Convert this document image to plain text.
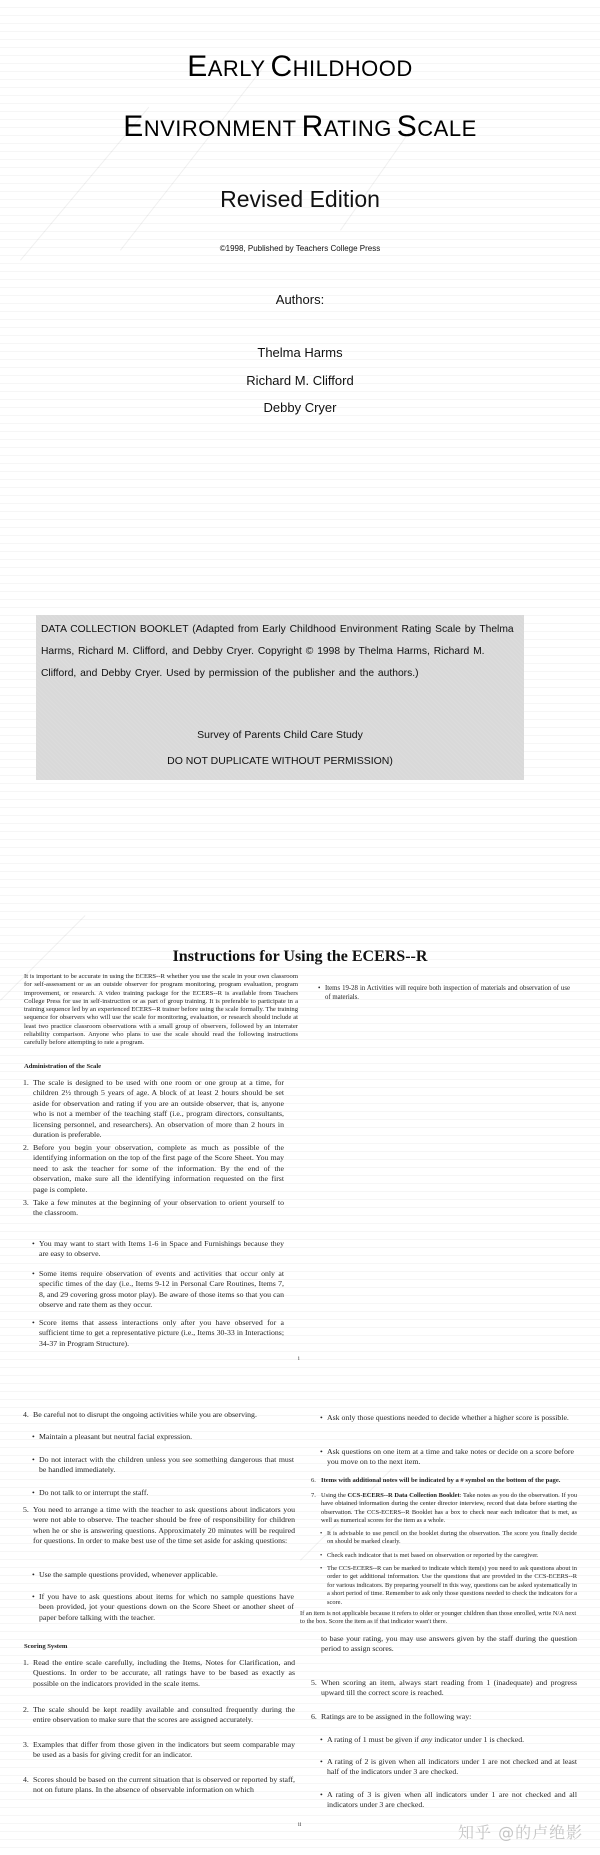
EARLY CHILDHOOD
ENVIRONMENT RATING SCALE
Revised Edition
©1998, Published by Teachers College Press
Authors:
Thelma Harms
Richard M. Clifford
Debby Cryer

DATA COLLECTION BOOKLET (Adapted from Early Childhood Environment Rating Scale by Thelma Harms, Richard M. Clifford, and Debby Cryer. Copyright © 1998 by Thelma Harms, Richard M. Clifford, and Debby Cryer. Used by permission of the publisher and the authors.)

Survey of Parents Child Care Study
DO NOT DUPLICATE WITHOUT PERMISSION)
Instructions for Using the ECERS--R
It is important to be accurate in using the ECERS--R whether you use the scale in your own classroom for self-assessment or as an outside observer for program monitoring, program evaluation, program improvement, or research. A video training package for the ECERS--R is available from Teachers College Press for use in self-instruction or as part of group training. It is preferable to participate in a training sequence led by an experienced ECERS--R trainer before using the scale formally. The training sequence for observers who will use the scale for monitoring, evaluation, or research should include at least two practice classroom observations with a small group of observers, followed by an interrater reliability comparison. Anyone who plans to use the scale should read the following instructions carefully before attempting to rate a program.

Administration of the Scale

1. The scale is designed to be used with one room or one group at a time, for children 2½ through 5 years of age. A block of at least 2 hours should be set aside for observation and rating if you are an outside observer, that is, anyone who is not a member of the teaching staff (i.e., program directors, consultants, licensing personnel, and researchers). An observation of more than 2 hours in duration is preferable.
2. Before you begin your observation, complete as much as possible of the identifying information on the top of the first page of the Score Sheet. You may need to ask the teacher for some of the information. By the end of the observation, make sure all the identifying information requested on the first page is complete.
3. Take a few minutes at the beginning of your observation to orient yourself to the classroom.
• You may want to start with Items 1-6 in Space and Furnishings because they are easy to observe.
• Some items require observation of events and activities that occur only at specific times of the day (i.e., Items 9-12 in Personal Care Routines, Items 7, 8, and 29 covering gross motor play). Be aware of those items so that you can observe and rate them as they occur.
• Score items that assess interactions only after you have observed for a sufficient time to get a representative picture (i.e., Items 30-33 in Interactions; 34-37 in Program Structure).
• Items 19-28 in Activities will require both inspection of materials and observation of use of materials.
i
4. Be careful not to disrupt the ongoing activities while you are observing.
• Maintain a pleasant but neutral facial expression.
• Do not interact with the children unless you see something dangerous that must be handled immediately.
• Do not talk to or interrupt the staff.
5. You need to arrange a time with the teacher to ask questions about indicators you were not able to observe. The teacher should be free of responsibility for children when he or she is answering questions. Approximately 20 minutes will be required for questions. In order to make best use of the time set aside for asking questions:
• Use the sample questions provided, whenever applicable.
• If you have to ask questions about items for which no sample questions have been provided, jot your questions down on the Score Sheet or another sheet of paper before talking with the teacher.

Scoring System

1. Read the entire scale carefully, including the Items, Notes for Clarification, and Questions. In order to be accurate, all ratings have to be based as exactly as possible on the indicators provided in the scale items.
2. The scale should be kept readily available and consulted frequently during the entire observation to make sure that the scores are assigned accurately.
3. Examples that differ from those given in the indicators but seem comparable may be used as a basis for giving credit for an indicator.
4. Scores should be based on the current situation that is observed or reported by staff, not on future plans. In the absence of observable information on which
• Ask only those questions needed to decide whether a higher score is possible.
• Ask questions on one item at a time and take notes or decide on a score before you move on to the next item.
6. Items with additional notes will be indicated by a # symbol on the bottom of the page.
7. Using the CCS-ECERS--R Data Collection Booklet: Take notes as you do the observation. If you have obtained information during the center director interview, record that data before starting the observation. The CCS-ECERS--R Booklet has a box to check near each indicator that is met, as well as numerical scores for the item as a whole.
• It is advisable to use pencil on the booklet during the observation. The score you finally decide on should be marked clearly.
• Check each indicator that is met based on observation or reported by the caregiver.
• The CCS-ECERS--R can be marked to indicate which item(s) you need to ask questions about in order to get additional information. Use the questions that are provided in the CCS-ECERS--R for various indicators. By preparing yourself in this way, questions can be asked systematically in a short period of time. Remember to ask only those questions needed to check the indicators for a score.
If an item is not applicable because it refers to older or younger children than those enrolled, write N/A next to the box. Score the item as if that indicator wasn't there.
to base your rating, you may use answers given by the staff during the question period to assign scores.
5. When scoring an item, always start reading from 1 (inadequate) and progress upward till the correct score is reached.
6. Ratings are to be assigned in the following way:
• A rating of 1 must be given if any indicator under 1 is checked.
• A rating of 2 is given when all indicators under 1 are not checked and at least half of the indicators under 3 are checked.
• A rating of 3 is given when all indicators under 1 are not checked and all indicators under 3 are checked.
ii	知乎 @的卢绝影
